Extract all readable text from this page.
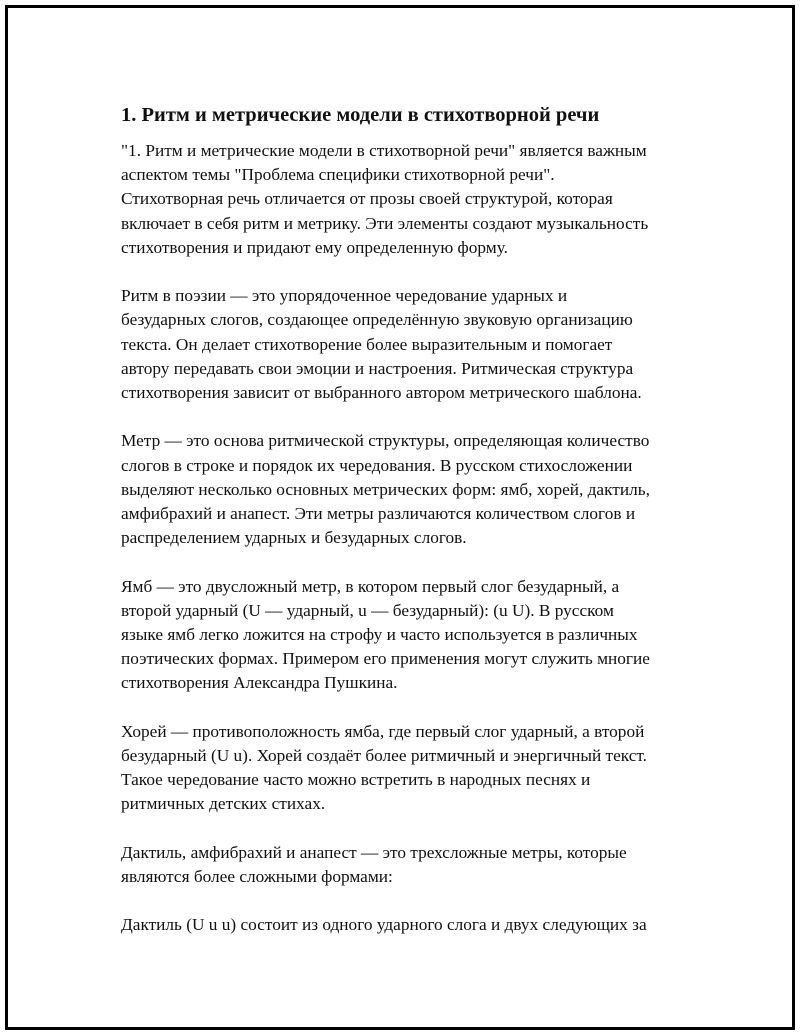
1. Ритм и метрические модели в стихотворной речи
"1. Ритм и метрические модели в стихотворной речи" является важным
аспектом темы "Проблема специфики стихотворной речи".
Стихотворная речь отличается от прозы своей структурой, которая
включает в себя ритм и метрику. Эти элементы создают музыкальность
стихотворения и придают ему определенную форму.
Ритм в поэзии — это упорядоченное чередование ударных и
безударных слогов, создающее определённую звуковую организацию
текста. Он делает стихотворение более выразительным и помогает
автору передавать свои эмоции и настроения. Ритмическая структура
стихотворения зависит от выбранного автором метрического шаблона.
Метр — это основа ритмической структуры, определяющая количество
слогов в строке и порядок их чередования. В русском стихосложении
выделяют несколько основных метрических форм: ямб, хорей, дактиль,
амфибрахий и анапест. Эти метры различаются количеством слогов и
распределением ударных и безударных слогов.
Ямб — это двусложный метр, в котором первый слог безударный, а
второй ударный (U — ударный, u — безударный): (u U). В русском
языке ямб легко ложится на строфу и часто используется в различных
поэтических формах. Примером его применения могут служить многие
стихотворения Александра Пушкина.
Хорей — противоположность ямба, где первый слог ударный, а второй
безударный (U u). Хорей создаёт более ритмичный и энергичный текст.
Такое чередование часто можно встретить в народных песнях и
ритмичных детских стихах.
Дактиль, амфибрахий и анапест — это трехсложные метры, которые
являются более сложными формами:
Дактиль (U u u) состоит из одного ударного слога и двух следующих за
